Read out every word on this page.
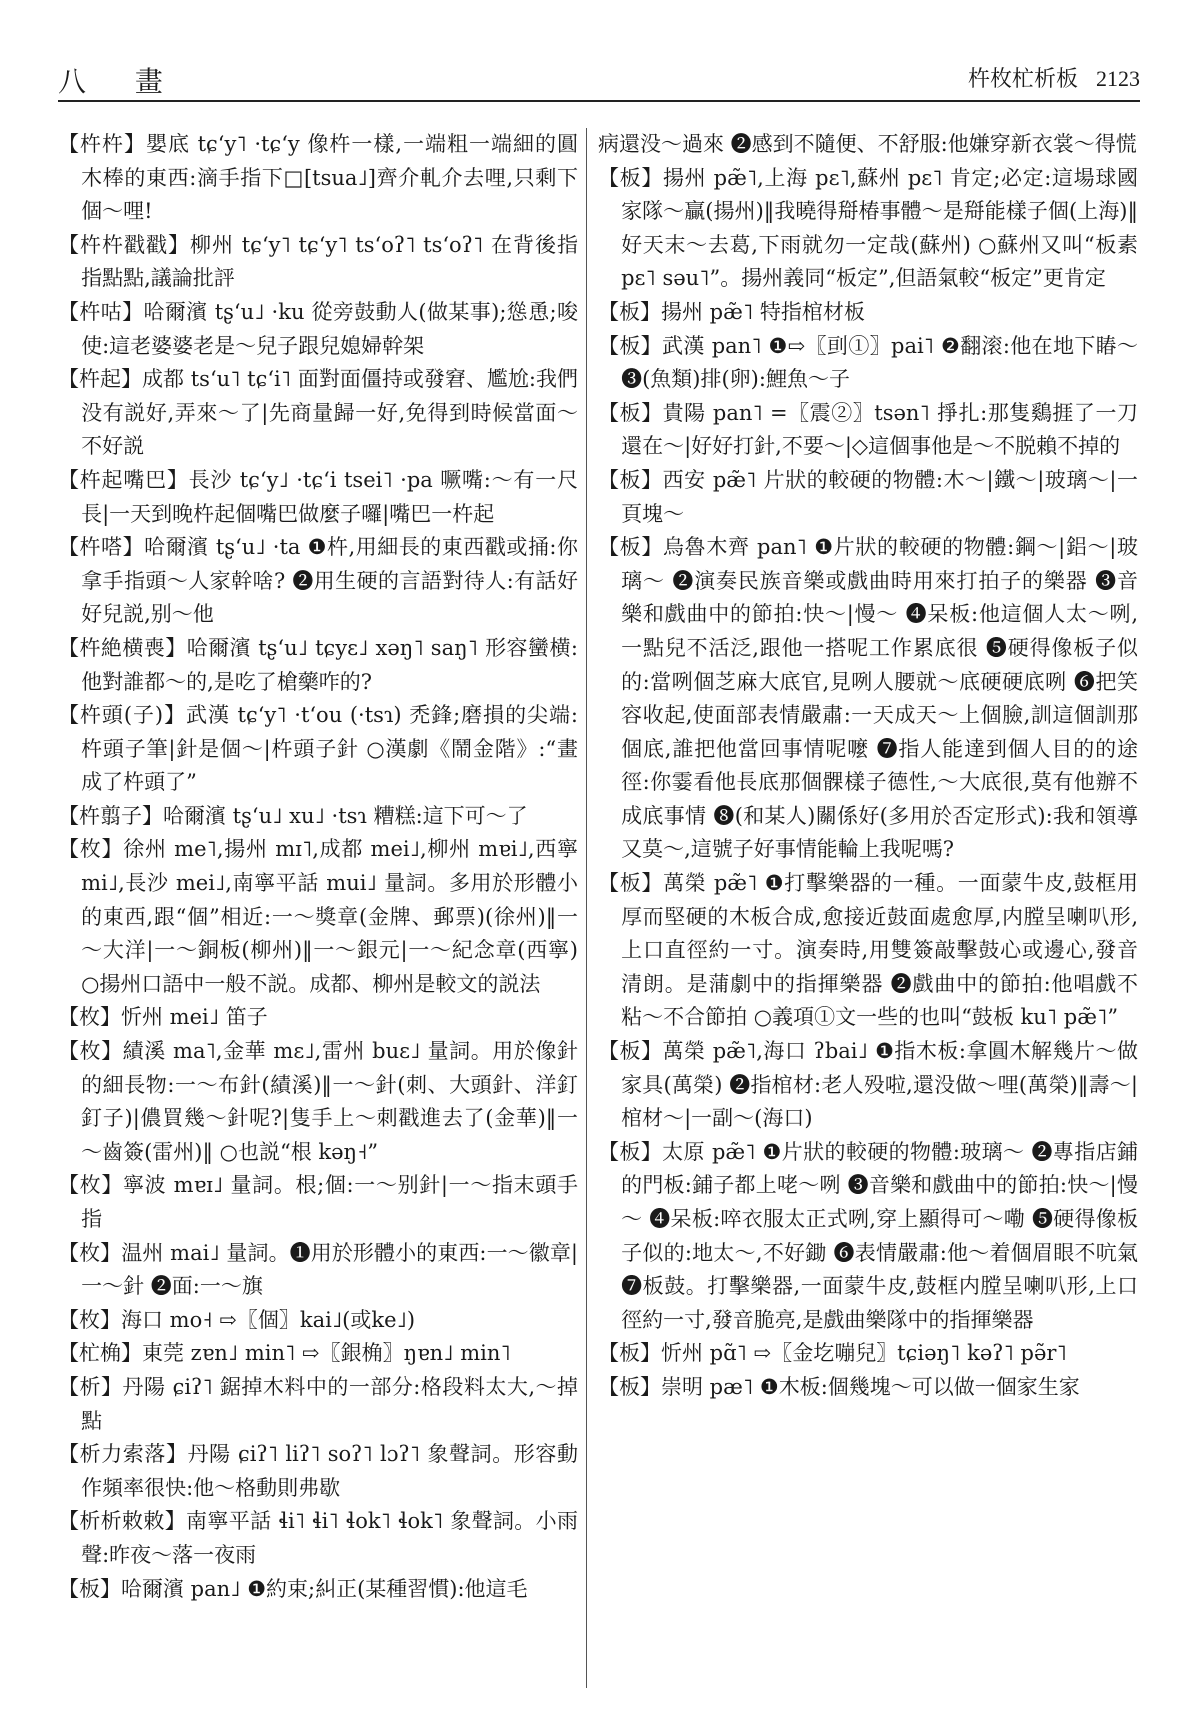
八 畫	杵枚杧析板 2123

【杵杵】嬰底 tɕʻy˥ ·tɕʻy 像杵一樣,一端粗一端細的圓木棒的東西:滴手指下□[tsua˩]齊介軋介去哩,只剩下個～哩!

【杵杵戳戳】柳州 tɕʻy˥ tɕʻy˥ tsʻoʔ˥ tsʻoʔ˥ 在背後指指點點,議論批評

【杵咕】哈爾濱 tʂʻu˩ ·ku 從旁鼓動人(做某事);慫恿;唆使:這老婆婆老是～兒子跟兒媳婦幹架

【杵起】成都 tsʻu˥ tɕʻi˥ 面對面僵持或發窘、尷尬:我們没有説好,弄來～了|先商量歸一好,免得到時候當面～不好説

【杵起嘴巴】長沙 tɕʻy˩ ·tɕʻi tsei˥ ·pa 噘嘴:～有一尺長|一天到晚杵起個嘴巴做麼子囉|嘴巴一杵起

【杵嗒】哈爾濱 tʂʻu˩ ·ta ❶杵,用細長的東西戳或捅:你拿手指頭～人家幹啥? ❷用生硬的言語對待人:有話好好兒説,别～他

【杵絶横喪】哈爾濱 tʂʻu˩ tɕyɛ˩ xəŋ˥ saŋ˥ 形容蠻横:他對誰都～的,是吃了槍藥咋的?

【杵頭(子)】武漢 tɕʻy˥ ·tʻou (·tsɿ) 禿鋒;磨損的尖端:杵頭子筆|針是個～|杵頭子針 ○漢劇《鬧金階》:“畫成了杵頭了”

【杵翦子】哈爾濱 tʂʻu˩ xu˩ ·tsɿ 糟糕:這下可～了

【枚】徐州 me˥,揚州 mɪ˥,成都 mei˩,柳州 mɐi˩,西寧 mi˩,長沙 mei˩,南寧平話 mui˩ 量詞。多用於形體小的東西,跟“個”相近:一～獎章(金牌、郵票)(徐州)‖一～大洋|一～銅板(柳州)‖一～銀元|一～紀念章(西寧) ○揚州口語中一般不説。成都、柳州是較文的説法

【枚】忻州 mei˩ 笛子

【枚】績溪 ma˥,金華 mɛ˩,雷州 buɛ˩ 量詞。用於像針的細長物:一～布針(績溪)‖一～針(刺、大頭針、洋釘釘子)|儂買幾～針呢?|隻手上～刺戳進去了(金華)‖一～齒簽(雷州)‖ ○也説“根 kəŋ˧”

【枚】寧波 mɐɪ˩ 量詞。根;個:一～别針|一～指末頭手指

【枚】温州 mai˩ 量詞。❶用於形體小的東西:一～徽章|一～針 ❷面:一～旗

【枚】海口 mo˧ ⇨〖個〗kai˩(或ke˩)

【杧桷】東莞 zɐn˩ min˥ ⇨〖銀桷〗ŋɐn˩ min˥

【析】丹陽 ɕiʔ˥ 鋸掉木料中的一部分:格段料太大,～掉點

【析力索落】丹陽 ɕiʔ˥ liʔ˥ soʔ˥ lɔʔ˥ 象聲詞。形容動作頻率很快:他～格動則弗歇

【析析敕敕】南寧平話 ɬi˥ ɬi˥ ɬok˥ ɬok˥ 象聲詞。小雨聲:昨夜～落一夜雨

【板】哈爾濱 pan˩ ❶約束;糾正(某種習慣):他這毛

病還没～過來 ❷感到不隨便、不舒服:他嫌穿新衣裳～得慌

【板】揚州 pæ̃˥,上海 pɛ˥,蘇州 pɛ˥ 肯定;必定:這場球國家隊～贏(揚州)‖我曉得搿椿事體～是搿能樣子個(上海)‖好天末～去葛,下雨就勿一定哉(蘇州) ○蘇州又叫“板素 pɛ˥ səu˥”。揚州義同“板定”,但語氣較“板定”更肯定

【板】揚州 pæ̃˥ 特指棺材板

【板】武漢 pan˥ ❶⇨〖刯①〗pai˥ ❷翻滚:他在地下睶～ ❸(魚類)排(卵):鯉魚～子

【板】貴陽 pan˥ =〖震②〗tsən˥ 掙扎:那隻鷄捱了一刀還在～|好好打針,不要～|◇這個事他是～不脱賴不掉的

【板】西安 pæ̃˥ 片狀的較硬的物體:木～|鐵～|玻璃～|一頁塊～

【板】烏魯木齊 pan˥ ❶片狀的較硬的物體:鋼～|鋁～|玻璃～ ❷演奏民族音樂或戲曲時用來打拍子的樂器 ❸音樂和戲曲中的節拍:快～|慢～ ❹呆板:他這個人太～咧,一點兒不活泛,跟他一搭呢工作累底很 ❺硬得像板子似的:當咧個芝麻大底官,見咧人腰就～底硬硬底咧 ❻把笑容收起,使面部表情嚴肅:一天成天～上個臉,訓這個訓那個底,誰把他當回事情呢嚒 ❼指人能達到個人目的的途徑:你霎看他長底那個髁樣子德性,～大底很,莫有他辦不成底事情 ❽(和某人)關係好(多用於否定形式):我和領導又莫～,這號子好事情能輪上我呢嗎?

【板】萬榮 pæ̃˥ ❶打擊樂器的一種。一面蒙牛皮,鼓框用厚而堅硬的木板合成,愈接近鼓面處愈厚,内膛呈喇叭形,上口直徑約一寸。演奏時,用雙簽敲擊鼓心或邊心,發音清朗。是蒲劇中的指揮樂器 ❷戲曲中的節拍:他唱戲不粘～不合節拍 ○義項①文一些的也叫“鼓板 ku˥ pæ̃˥”

【板】萬榮 pæ̃˥,海口 ʔbai˩ ❶指木板:拿圓木解幾片～做家具(萬榮) ❷指棺材:老人殁啦,還没做～哩(萬榮)‖壽～|棺材～|一副～(海口)

【板】太原 pæ̃˥ ❶片狀的較硬的物體:玻璃～ ❷專指店鋪的門板:鋪子都上咾～咧 ❸音樂和戲曲中的節拍:快～|慢～ ❹呆板:啐衣服太正式咧,穿上顯得可～嘞 ❺硬得像板子似的:地太～,不好鋤 ❻表情嚴肅:他～着個眉眼不吭氣 ❼板鼓。打擊樂器,一面蒙牛皮,鼓框内膛呈喇叭形,上口徑約一寸,發音脆亮,是戲曲樂隊中的指揮樂器

【板】忻州 pɑ̃˥ ⇨〖金圪嘣兒〗tɕiəŋ˥ kəʔ˥ pə̃r˥

【板】崇明 pæ˥ ❶木板:個幾塊～可以做一個家生家
